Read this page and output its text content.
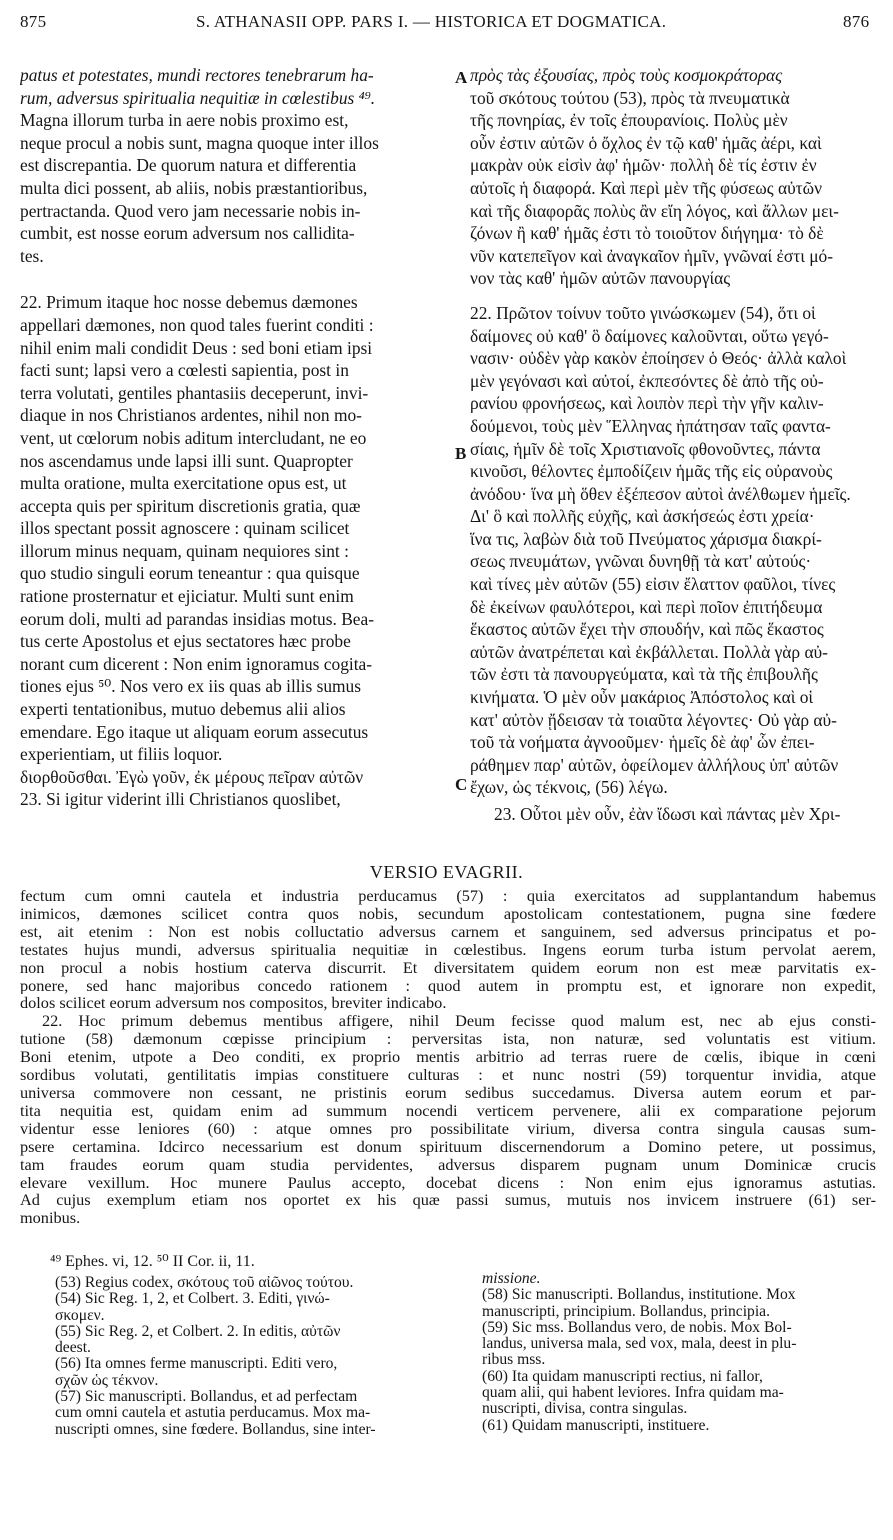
875	S. ATHANASII OPP. PARS I. — HISTORICA ET DOGMATICA.	876
A
B
C

patus et potestates, mundi rectores tenebrarum ha-
rum, adversus spiritualia nequitiæ in cœlestibus ⁴⁹.
Magna illorum turba in aere nobis proximo est,
neque procul a nobis sunt, magna quoque inter illos
est discrepantia. De quorum natura et differentia
multa dici possent, ab aliis, nobis præstantioribus,
pertractanda. Quod vero jam necessarie nobis in-
cumbit, est nosse eorum adversum nos callidita-
tes.

22. Primum itaque hoc nosse debemus dæmones
appellari dæmones, non quod tales fuerint conditi :
nihil enim mali condidit Deus : sed boni etiam ipsi
facti sunt; lapsi vero a cœlesti sapientia, post in
terra volutati, gentiles phantasiis deceperunt, invi-
diaque in nos Christianos ardentes, nihil non mo-
vent, ut cœlorum nobis aditum intercludant, ne eo
nos ascendamus unde lapsi illi sunt. Quapropter
multa oratione, multa exercitatione opus est, ut
accepta quis per spiritum discretionis gratia, quæ
illos spectant possit agnoscere : quinam scilicet
illorum minus nequam, quinam nequiores sint :
quo studio singuli eorum teneantur : qua quisque
ratione prosternatur et ejiciatur. Multi sunt enim
eorum doli, multi ad parandas insidias motus. Bea-
tus certe Apostolus et ejus sectatores hæc probe
norant cum dicerent : Non enim ignoramus cogita-
tiones ejus ⁵⁰. Nos vero ex iis quas ab illis sumus
experti tentationibus, mutuo debemus alii alios
emendare. Ego itaque ut aliquam eorum assecutus
experientiam, ut filiis loquor.
διορθοῦσθαι. Ἐγὼ γοῦν, ἐκ μέρους πεῖραν αὐτῶν
23. Si igitur viderint illi Christianos quoslibet,

πρὸς τὰς ἐξουσίας, πρὸς τοὺς κοσμοκράτορας
τοῦ σκότους τούτου (53), πρὸς τὰ πνευματικὰ
τῆς πονηρίας, ἐν τοῖς ἐπουρανίοις. Πολὺς μὲν
οὖν ἐστιν αὐτῶν ὁ ὄχλος ἐν τῷ καθ' ἡμᾶς ἀέρι, καὶ
μακρὰν οὐκ εἰσὶν ἀφ' ἡμῶν· πολλὴ δὲ τίς ἐστιν ἐν
αὐτοῖς ἡ διαφορά. Καὶ περὶ μὲν τῆς φύσεως αὐτῶν
καὶ τῆς διαφορᾶς πολὺς ἂν εἴη λόγος, καὶ ἄλλων μει-
ζόνων ἢ καθ' ἡμᾶς ἐστι τὸ τοιοῦτον διήγημα· τὸ δὲ
νῦν κατεπεῖγον καὶ ἀναγκαῖον ἡμῖν, γνῶναί ἐστι μό-
νον τὰς καθ' ἡμῶν αὐτῶν πανουργίας

22. Πρῶτον τοίνυν τοῦτο γινώσκωμεν (54), ὅτι οἱ
δαίμονες οὐ καθ' ὃ δαίμονες καλοῦνται, οὕτω γεγό-
νασιν· οὐδὲν γὰρ κακὸν ἐποίησεν ὁ Θεός· ἀλλὰ καλοὶ
μὲν γεγόνασι καὶ αὐτοί, ἐκπεσόντες δὲ ἀπὸ τῆς οὐ-
ρανίου φρονήσεως, καὶ λοιπὸν περὶ τὴν γῆν καλιν-
δούμενοι, τοὺς μὲν Ἕλληνας ἠπάτησαν ταῖς φαντα-
σίαις, ἡμῖν δὲ τοῖς Χριστιανοῖς φθονοῦντες, πάντα
κινοῦσι, θέλοντες ἐμποδίζειν ἡμᾶς τῆς εἰς οὐρανοὺς
ἀνόδου· ἵνα μὴ ὅθεν ἐξέπεσον αὐτοὶ ἀνέλθωμεν ἡμεῖς.
Δι' ὃ καὶ πολλῆς εὐχῆς, καὶ ἀσκήσεώς ἐστι χρεία·
ἵνα τις, λαβὼν διὰ τοῦ Πνεύματος χάρισμα διακρί-
σεως πνευμάτων, γνῶναι δυνηθῇ τὰ κατ' αὐτούς·
καὶ τίνες μὲν αὐτῶν (55) εἰσιν ἔλαττον φαῦλοι, τίνες
δὲ ἐκείνων φαυλότεροι, καὶ περὶ ποῖον ἐπιτήδευμα
ἕκαστος αὐτῶν ἔχει τὴν σπουδήν, καὶ πῶς ἕκαστος
αὐτῶν ἀνατρέπεται καὶ ἐκβάλλεται. Πολλὰ γὰρ αὐ-
τῶν ἐστι τὰ πανουργεύματα, καὶ τὰ τῆς ἐπιβουλῆς
κινήματα. Ὁ μὲν οὖν μακάριος Ἀπόστολος καὶ οἱ
κατ' αὐτὸν ᾔδεισαν τὰ τοιαῦτα λέγοντες· Οὐ γὰρ αὐ-
τοῦ τὰ νοήματα ἀγνοοῦμεν· ἡμεῖς δὲ ἀφ' ὧν ἐπει-
ράθημεν παρ' αὐτῶν, ὀφείλομεν ἀλλήλους ὑπ' αὐτῶν
ἔχων, ὡς τέκνοις, (56) λέγω.

23. Οὗτοι μὲν οὖν, ἐὰν ἴδωσι καὶ πάντας μὲν Χρι-

VERSIO EVAGRII.
fectum cum omni cautela et industria perducamus (57) : quia exercitatos ad supplantandum habemus
inimicos, dæmones scilicet contra quos nobis, secundum apostolicam contestationem, pugna sine fœdere
est, ait etenim : Non est nobis colluctatio adversus carnem et sanguinem, sed adversus principatus et po-
testates hujus mundi, adversus spiritualia nequitiæ in cœlestibus. Ingens eorum turba istum pervolat aerem,
non procul a nobis hostium caterva discurrit. Et diversitatem quidem eorum non est meæ parvitatis ex-
ponere, sed hanc majoribus concedo rationem : quod autem in promptu est, et ignorare non expedit,
dolos scilicet eorum adversum nos compositos, breviter indicabo.
22. Hoc primum debemus mentibus affigere, nihil Deum fecisse quod malum est, nec ab ejus consti-
tutione (58) dæmonum cœpisse principium : perversitas ista, non naturæ, sed voluntatis est vitium.
Boni etenim, utpote a Deo conditi, ex proprio mentis arbitrio ad terras ruere de cœlis, ibique in cœni
sordibus volutati, gentilitatis impias constituere culturas : et nunc nostri (59) torquentur invidia, atque
universa commovere non cessant, ne pristinis eorum sedibus succedamus. Diversa autem eorum et par-
tita nequitia est, quidam enim ad summum nocendi verticem pervenere, alii ex comparatione pejorum
videntur esse leniores (60) : atque omnes pro possibilitate virium, diversa contra singula causas sum-
psere certamina. Idcirco necessarium est donum spirituum discernendorum a Domino petere, ut possimus,
tam fraudes eorum quam studia pervidentes, adversus disparem pugnam unum Dominicæ crucis
elevare vexillum. Hoc munere Paulus accepto, docebat dicens : Non enim ejus ignoramus astutias.
Ad cujus exemplum etiam nos oportet ex his quæ passi sumus, mutuis nos invicem instruere (61) ser-
monibus.
⁴⁹ Ephes. vi, 12. ⁵⁰ II Cor. ii, 11.
(53) Regius codex, σκότους τοῦ αἰῶνος τούτου.
(54) Sic Reg. 1, 2, et Colbert. 3. Editi, γινώ-
σκομεν.
(55) Sic Reg. 2, et Colbert. 2. In editis, αὐτῶν
deest.
(56) Ita omnes ferme manuscripti. Editi vero,
σχῶν ὡς τέκνον.
(57) Sic manuscripti. Bollandus, et ad perfectam
cum omni cautela et astutia perducamus. Mox ma-
nuscripti omnes, sine fœdere. Bollandus, sine inter-
missione.
(58) Sic manuscripti. Bollandus, institutione. Mox
manuscripti, principium. Bollandus, principia.
(59) Sic mss. Bollandus vero, de nobis. Mox Bol-
landus, universa mala, sed vox, mala, deest in plu-
ribus mss.
(60) Ita quidam manuscripti rectius, ni fallor,
quam alii, qui habent leviores. Infra quidam ma-
nuscripti, divisa, contra singulas.
(61) Quidam manuscripti, instituere.
